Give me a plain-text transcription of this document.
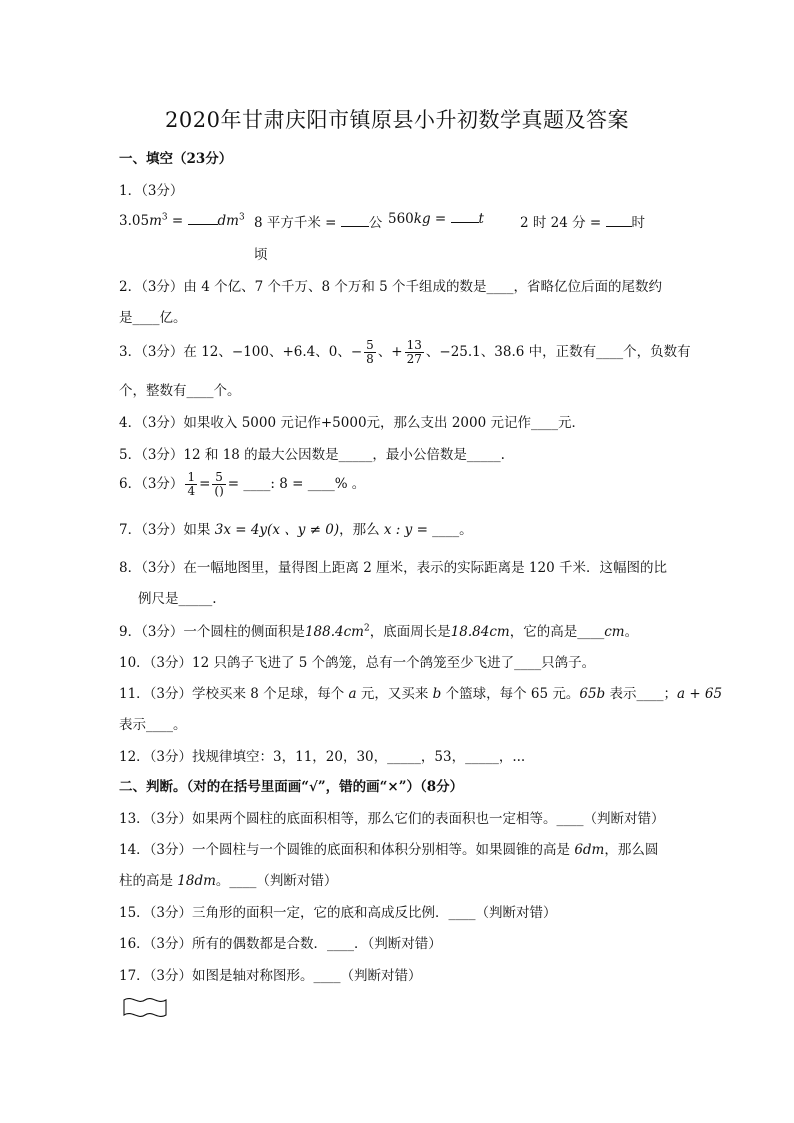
2020年甘肃庆阳市镇原县小升初数学真题及答案
一、填空（23分）
1．（3分）
$3.05m^3 = dm^3$ 8 平方千米 = 公
顷
560kg = t	2 时 24 分 = 时
2．（3分）由 4 个亿、7 个千万、8 个万和 5 个千组成的数是____，省略亿位后面的尾数约
是____亿。
3．（3分）在 12、−100、+6.4、0、− $\frac{5}{8}$ 、+ $\frac{13}{27}$ 、−25.1、38.6 中，正数有____个，负数有
个，整数有____个。
4．（3分）如果收入 5000 元记作+5000元，那么支出 2000 元记作____元．
5．（3分）12 和 18 的最大公因数是_____，最小公倍数是_____.
6．（3分） $\frac{1}{4} = \frac{5}{()}$ = ____: 8 = ____% 。
7．（3分）如果 3x = 4y(x 、y ≠ 0)，那么 x : y = ____。
8．（3分）在一幅地图里，量得图上距离 2 厘米，表示的实际距离是 120 千米．这幅图的比
例尺是_____.
9．（3分）一个圆柱的侧面积是$188.4cm^2$，底面周长是18.84cm，它的高是____cm。
10．（3分）12 只鸽子飞进了 5 个鸽笼，总有一个鸽笼至少飞进了____只鸽子。
11．（3分）学校买来 8 个足球，每个 a 元，又买来 b 个篮球，每个 65 元。65b 表示____；a + 65
表示____。
12．（3分）找规律填空：3，11，20，30，_____，53，_____，...
二、判断。（对的在括号里面画“√”，错的画“×”）（8分）
13．（3分）如果两个圆柱的底面积相等，那么它们的表面积也一定相等。____（判断对错）
14．（3分）一个圆柱与一个圆锥的底面积和体积分别相等。如果圆锥的高是 6dm，那么圆
柱的高是 18dm。____（判断对错）
15．（3分）三角形的面积一定，它的底和高成反比例．____（判断对错）
16．（3分）所有的偶数都是合数．____．（判断对错）
17．（3分）如图是轴对称图形。____（判断对错）
